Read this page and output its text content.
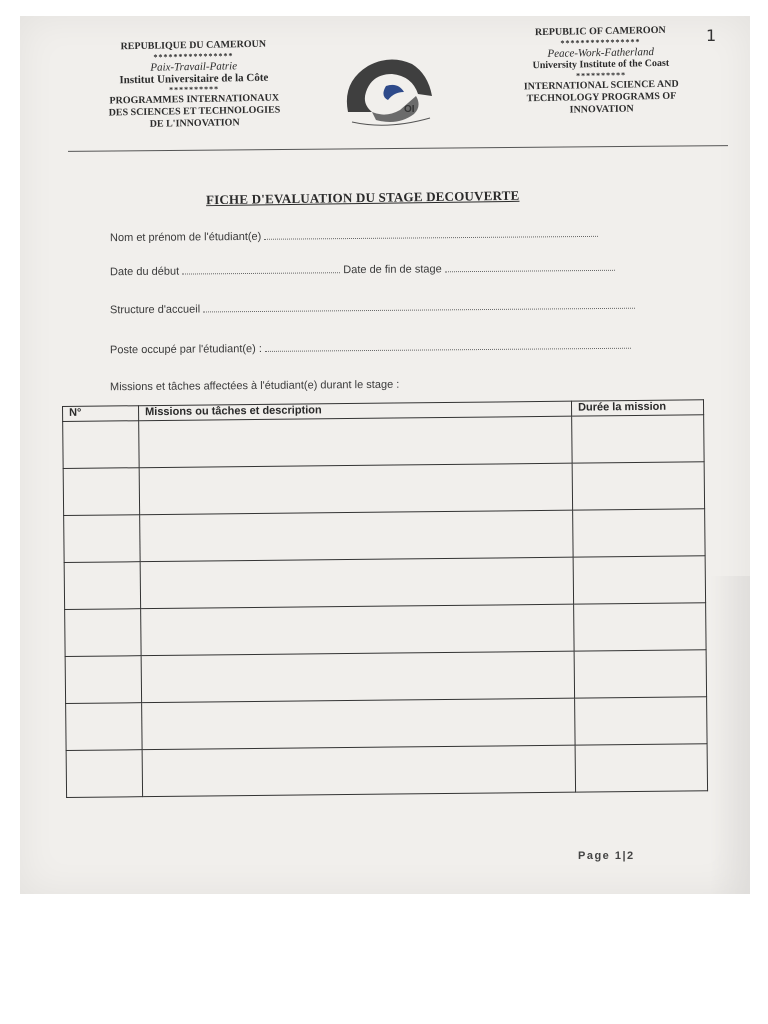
REPUBLIQUE DU CAMEROUN
****************
Paix-Travail-Patrie
Institut Universitaire de la Côte
**********
PROGRAMMES INTERNATIONAUX
DES SCIENCES ET TECHNOLOGIES
DE L'INNOVATION
REPUBLIC OF CAMEROON
****************
Peace-Work-Fatherland
University Institute of the Coast
**********
INTERNATIONAL SCIENCE AND
TECHNOLOGY PROGRAMS OF
INNOVATION
OI
1
FICHE D'EVALUATION DU STAGE DECOUVERTE
Nom et prénom de l'étudiant(e)
Date du début	Date de fin de stage
Structure d'accueil
Poste occupé par l'étudiant(e) :
Missions et tâches affectées à l'étudiant(e) durant le stage :
N°	Missions ou tâches et description	Durée la mission

Page 1|2
